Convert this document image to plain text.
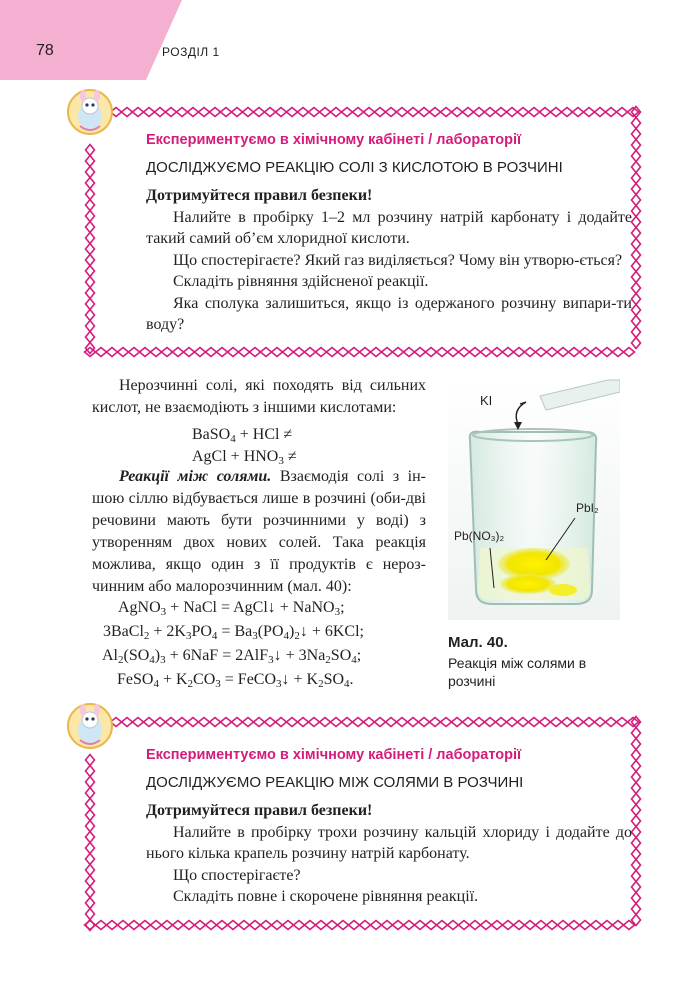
78	РОЗДІЛ 1
Експериментуємо в хімічному кабінеті / лабораторії
ДОСЛІДЖУЄМО РЕАКЦІЮ СОЛІ З КИСЛОТОЮ В РОЗЧИНІ

Дотримуйтеся правил безпеки!

Налийте в пробірку 1–2 мл розчину натрій карбонату і додайте такий самий об’єм хлоридної кислоти.

Що спостерігаєте? Який газ виділяється? Чому він утворю-ється?

Складіть рівняння здійсненої реакції.

Яка сполука залишиться, якщо із одержаного розчину випари-ти воду?

Нерозчинні солі, які походять від сильних кислот, не взаємодіють з іншими кислотами:

BaSO$_4$ + HCl ≠
AgCl + $HNO_3$ ≠

Реакції між солями. Взаємодія солі з ін-шою сіллю відбувається лише в розчині (оби-дві речовини мають бути розчинними у воді) з утворенням двох нових солей. Така реакція можлива, якщо один з її продуктів є нероз-чинним або малорозчинним (мал. 40):

AgNO$_3$ + NaCl = AgCl↓ + NaNO$_3$;
3BaCl$_2$ + $2K_3PO_4$ = $Ba_3(PO_4)_2↓ + 6KCl$;
$Al_2(SO_4)_3 + 6NaF$ = 2AlF$_3$↓ + $3Na_2SO_4$;
FeSO$_4$ + $K_2CO_3$ = FeCO$_3$↓ + $K_2SO_4$.
KI
PbI₂
Pb(NO₃)₂
Мал. 40.
Реакція між солями в розчині
Експериментуємо в хімічному кабінеті / лабораторії
ДОСЛІДЖУЄМО РЕАКЦІЮ МІЖ СОЛЯМИ В РОЗЧИНІ

Дотримуйтеся правил безпеки!

Налийте в пробірку трохи розчину кальцій хлориду і додайте до нього кілька крапель розчину натрій карбонату.

Що спостерігаєте?

Складіть повне і скорочене рівняння реакції.
